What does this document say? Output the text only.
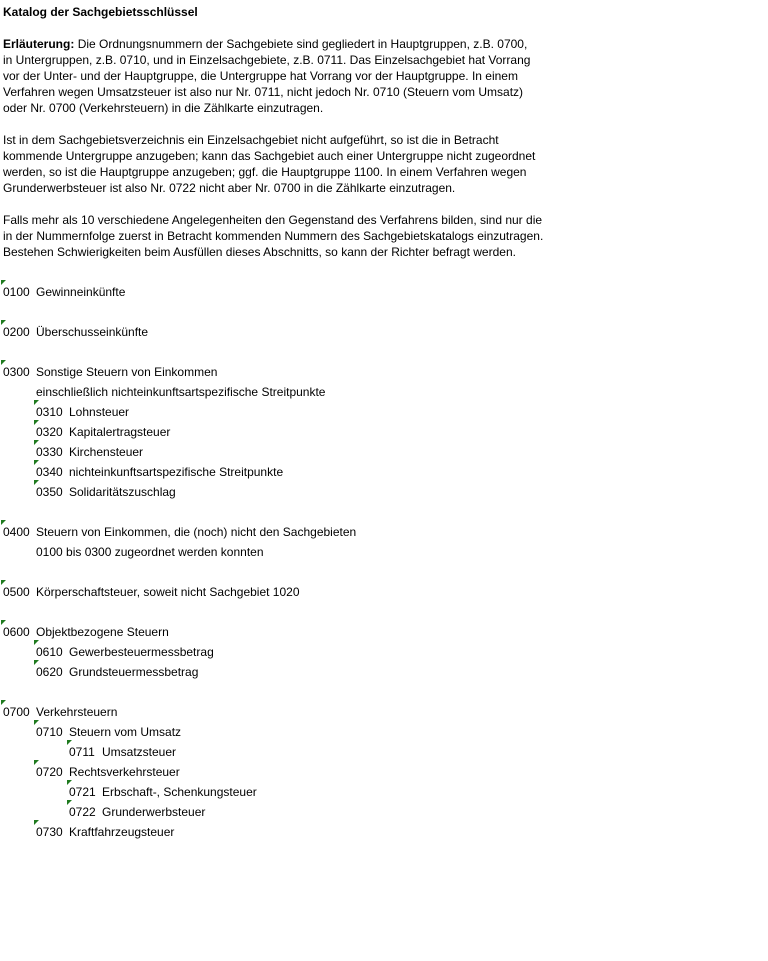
Katalog der Sachgebietsschlüssel
Erläuterung: Die Ordnungsnummern der Sachgebiete sind gegliedert in Hauptgruppen, z.B. 0700,
in Untergruppen, z.B. 0710, und in Einzelsachgebiete, z.B. 0711. Das Einzelsachgebiet hat Vorrang
vor der Unter- und der Hauptgruppe, die Untergruppe hat Vorrang vor der Hauptgruppe. In einem
Verfahren wegen Umsatzsteuer ist also nur Nr. 0711, nicht jedoch Nr. 0710 (Steuern vom Umsatz)
oder Nr. 0700 (Verkehrsteuern) in die Zählkarte einzutragen.
Ist in dem Sachgebietsverzeichnis ein Einzelsachgebiet nicht aufgeführt, so ist die in Betracht
kommende Untergruppe anzugeben; kann das Sachgebiet auch einer Untergruppe nicht zugeordnet
werden, so ist die Hauptgruppe anzugeben; ggf. die Hauptgruppe 1100. In einem Verfahren wegen
Grunderwerbsteuer ist also Nr. 0722 nicht aber Nr. 0700 in die Zählkarte einzutragen.
Falls mehr als 10 verschiedene Angelegenheiten den Gegenstand des Verfahrens bilden, sind nur die
in der Nummernfolge zuerst in Betracht kommenden Nummern des Sachgebietskatalogs einzutragen.
Bestehen Schwierigkeiten beim Ausfüllen dieses Abschnitts, so kann der Richter befragt werden.
0100 Gewinneinkünfte
0200 Überschusseinkünfte
0300 Sonstige Steuern von Einkommen
einschließlich nichteinkunftsartspezifische Streitpunkte
0310 Lohnsteuer
0320 Kapitalertragsteuer
0330 Kirchensteuer
0340 nichteinkunftsartspezifische Streitpunkte
0350 Solidaritätszuschlag
0400 Steuern von Einkommen, die (noch) nicht den Sachgebieten
0100 bis 0300 zugeordnet werden konnten
0500 Körperschaftsteuer, soweit nicht Sachgebiet 1020
0600 Objektbezogene Steuern
0610 Gewerbesteuermessbetrag
0620 Grundsteuermessbetrag
0700 Verkehrsteuern
0710 Steuern vom Umsatz
0711 Umsatzsteuer
0720 Rechtsverkehrsteuer
0721 Erbschaft-, Schenkungsteuer
0722 Grunderwerbsteuer
0730 Kraftfahrzeugsteuer
